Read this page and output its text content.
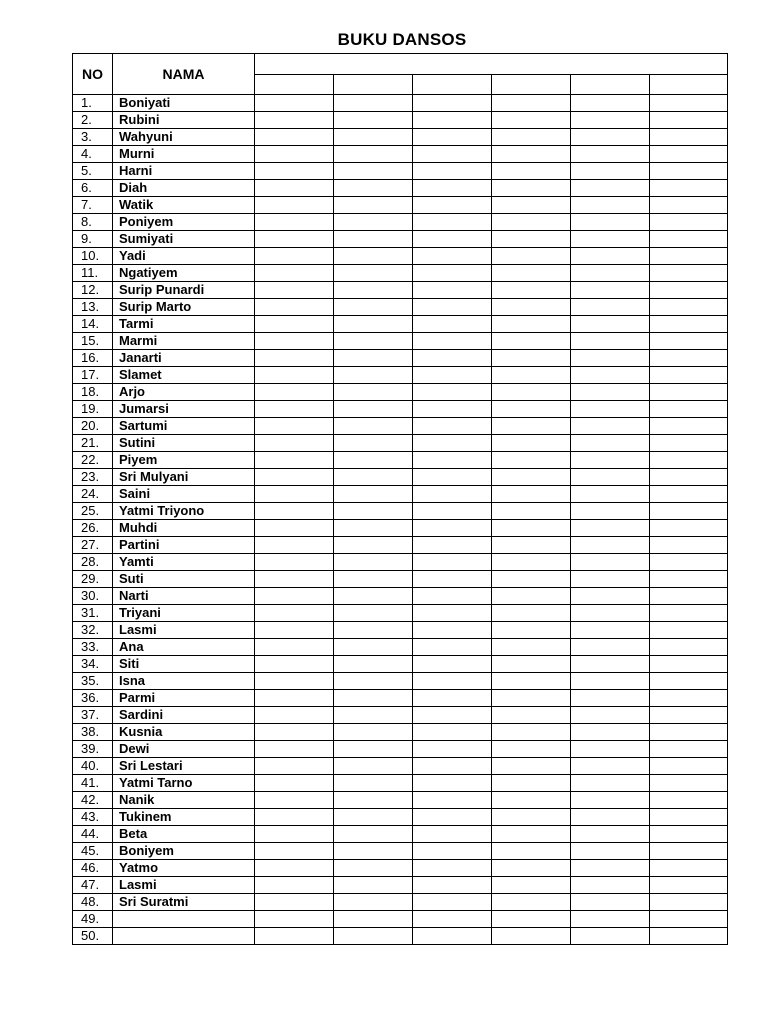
BUKU DANSOS
NO	NAMA						

1.	Boniyati						
2.	Rubini						
3.	Wahyuni						
4.	Murni						
5.	Harni						
6.	Diah						
7.	Watik						
8.	Poniyem						
9.	Sumiyati						
10.	Yadi						
11.	Ngatiyem						
12.	Surip Punardi						
13.	Surip Marto						
14.	Tarmi						
15.	Marmi						
16.	Janarti						
17.	Slamet						
18.	Arjo						
19.	Jumarsi						
20.	Sartumi						
21.	Sutini						
22.	Piyem						
23.	Sri Mulyani						
24.	Saini						
25.	Yatmi Triyono						
26.	Muhdi						
27.	Partini						
28.	Yamti						
29.	Suti						
30.	Narti						
31.	Triyani						
32.	Lasmi						
33.	Ana						
34.	Siti						
35.	Isna						
36.	Parmi						
37.	Sardini						
38.	Kusnia						
39.	Dewi						
40.	Sri Lestari						
41.	Yatmi Tarno						
42.	Nanik						
43.	Tukinem						
44.	Beta						
45.	Boniyem						
46.	Yatmo						
47.	Lasmi						
48.	Sri Suratmi						
49.							
50.							
